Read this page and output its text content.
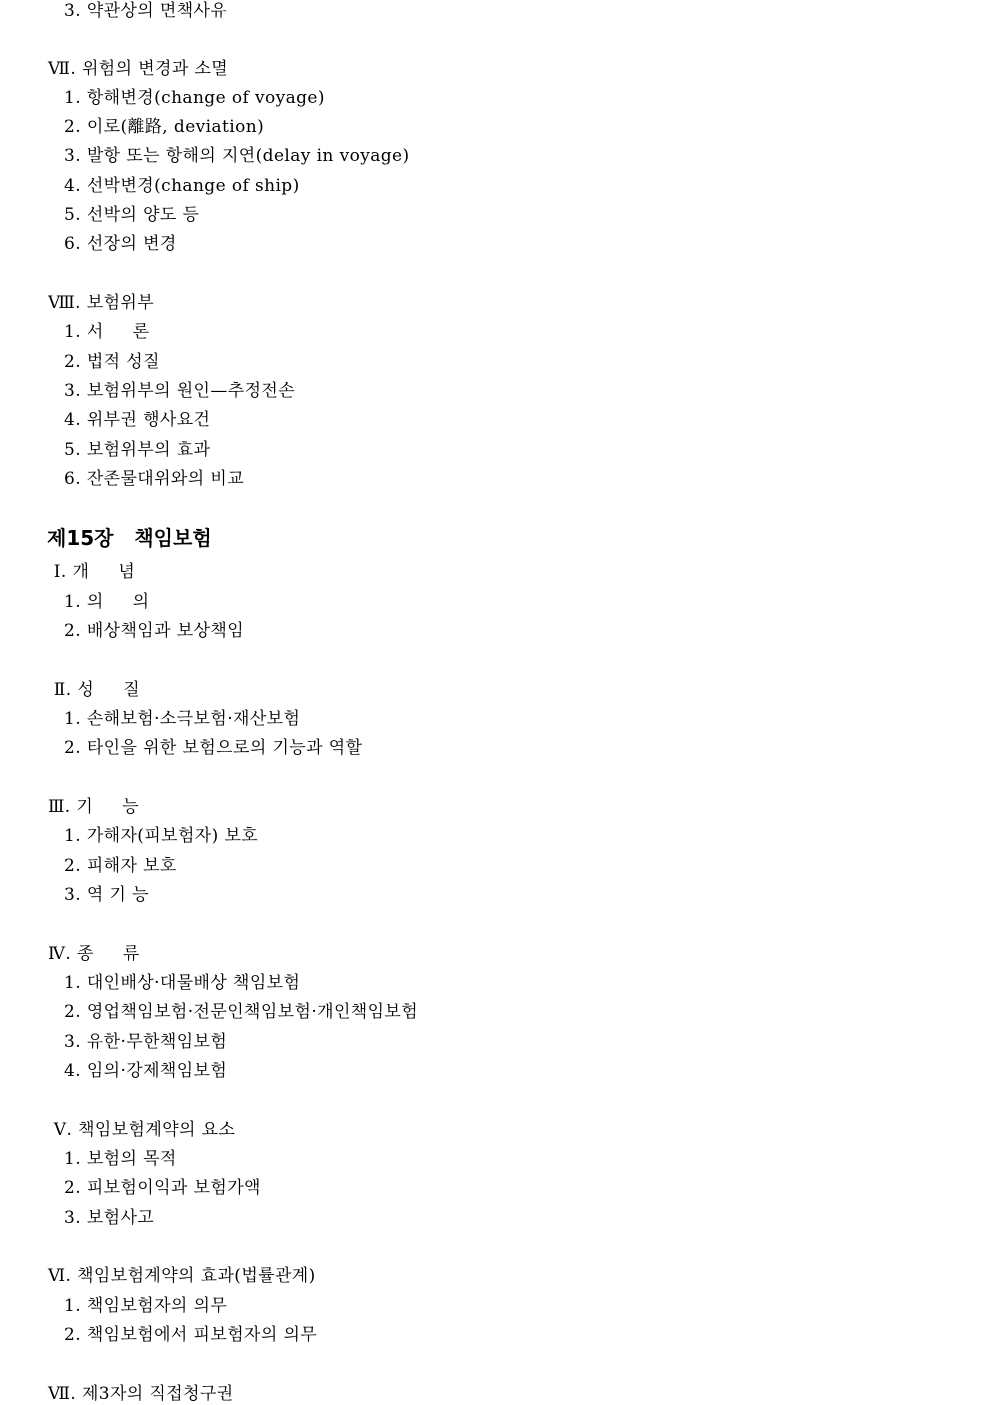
3. 약관상의 면책사유
Ⅶ. 위험의 변경과 소멸
1. 항해변경(change of voyage)
2. 이로(離路, deviation)
3. 발항 또는 항해의 지연(delay in voyage)
4. 선박변경(change of ship)
5. 선박의 양도 등
6. 선장의 변경
Ⅷ. 보험위부
1. 서     론
2. 법적 성질
3. 보험위부의 원인—추정전손
4. 위부권 행사요건
5. 보험위부의 효과
6. 잔존물대위와의 비교
제15장   책임보험
Ⅰ. 개     념
1. 의     의
2. 배상책임과 보상책임
Ⅱ. 성     질
1. 손해보험·소극보험·재산보험
2. 타인을 위한 보험으로의 기능과 역할
Ⅲ. 기     능
1. 가해자(피보험자) 보호
2. 피해자 보호
3. 역 기 능
Ⅳ. 종     류
1. 대인배상·대물배상 책임보험
2. 영업책임보험·전문인책임보험·개인책임보험
3. 유한·무한책임보험
4. 임의·강제책임보험
Ⅴ. 책임보험계약의 요소
1. 보험의 목적
2. 피보험이익과 보험가액
3. 보험사고
Ⅵ. 책임보험계약의 효과(법률관계)
1. 책임보험자의 의무
2. 책임보험에서 피보험자의 의무
Ⅶ. 제3자의 직접청구권
